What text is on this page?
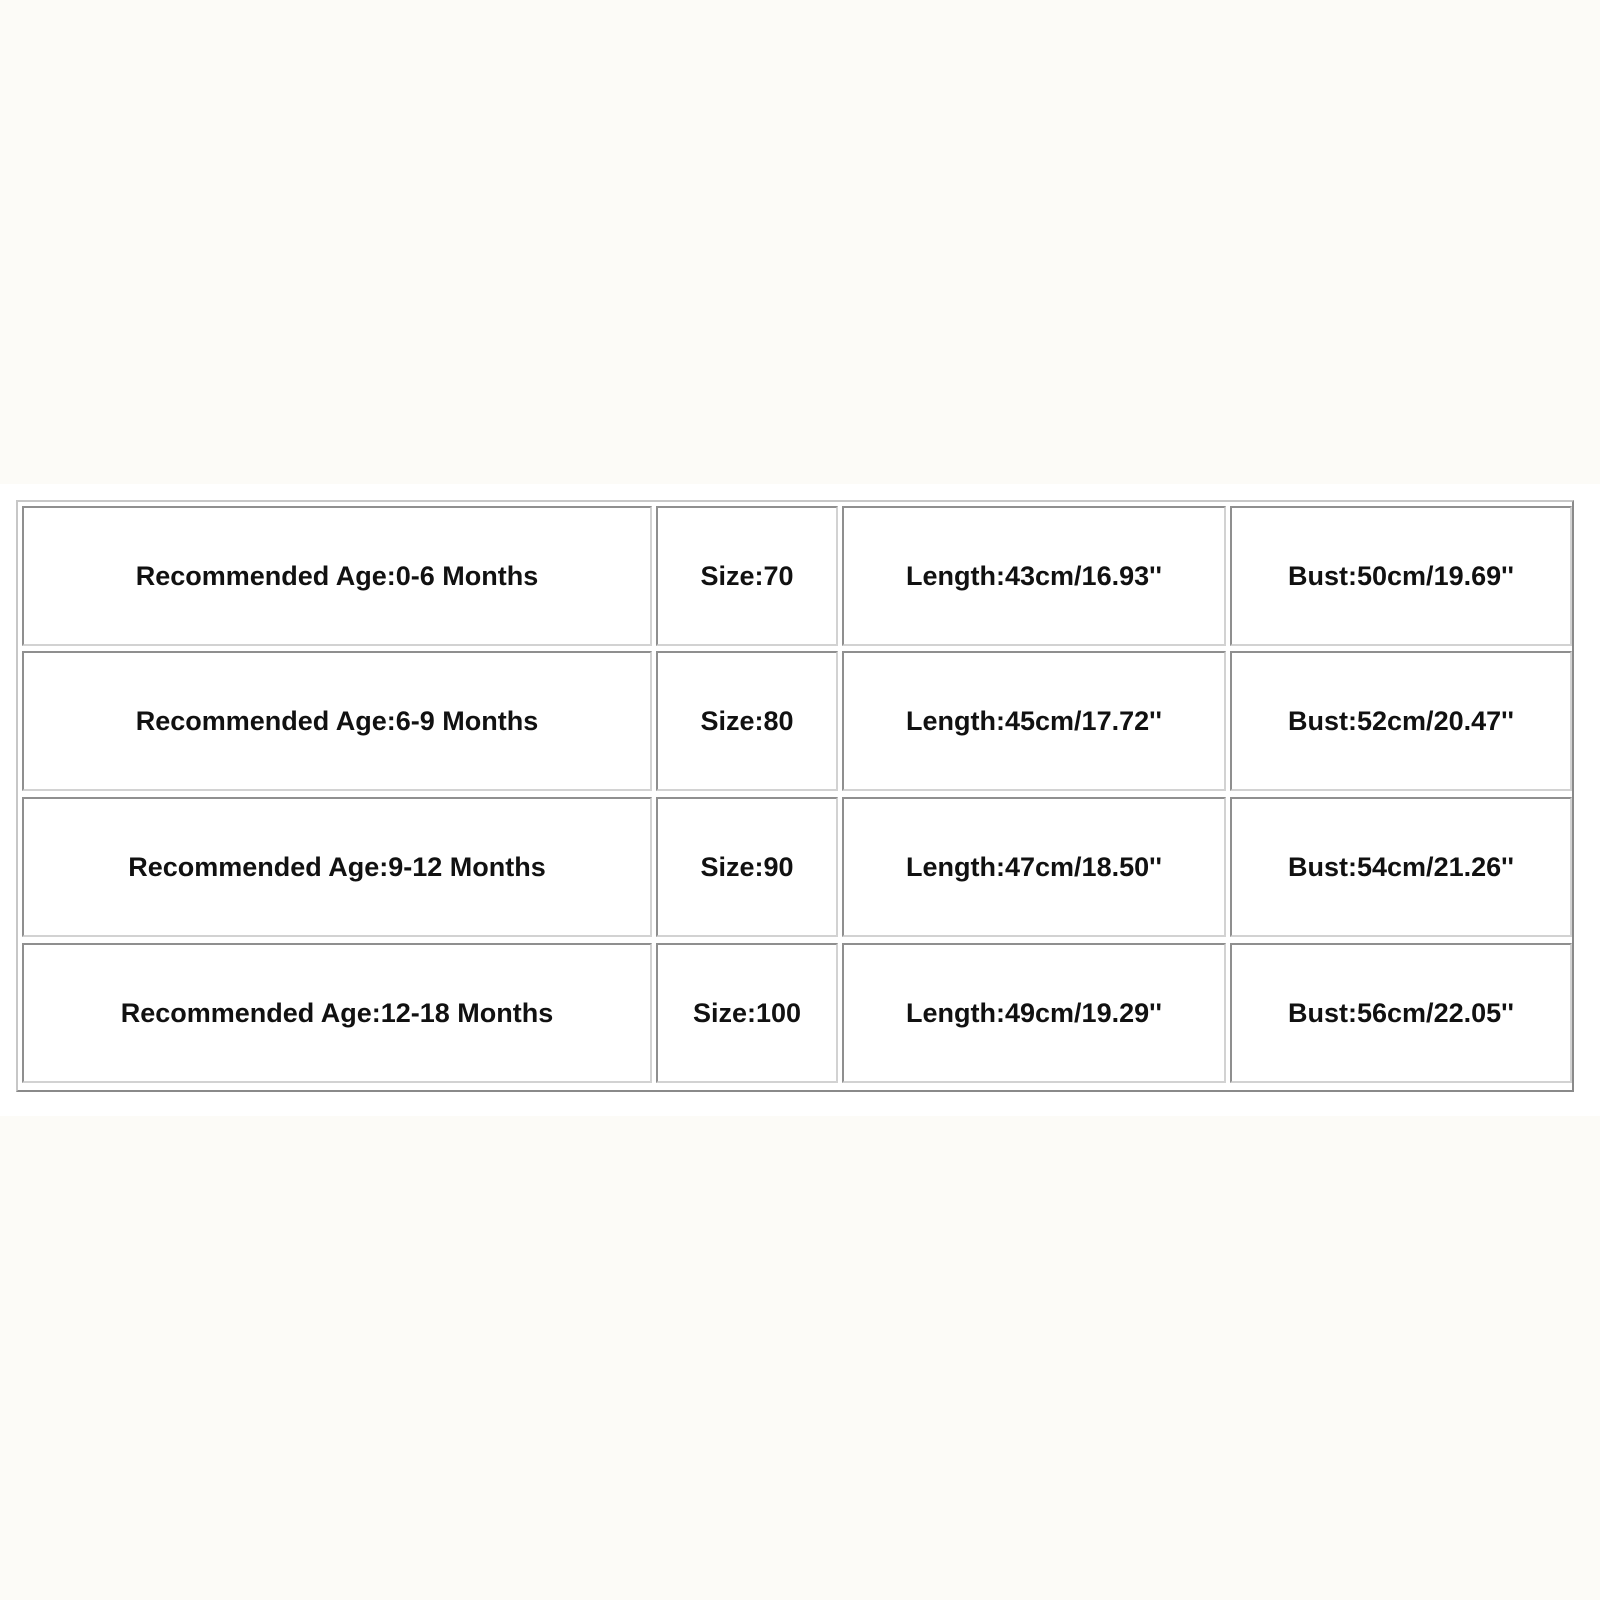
Recommended Age:0-6 Months	Size:70	Length:43cm/16.93''	Bust:50cm/19.69''
Recommended Age:6-9 Months	Size:80	Length:45cm/17.72''	Bust:52cm/20.47''
Recommended Age:9-12 Months	Size:90	Length:47cm/18.50''	Bust:54cm/21.26''
Recommended Age:12-18 Months	Size:100	Length:49cm/19.29''	Bust:56cm/22.05''
